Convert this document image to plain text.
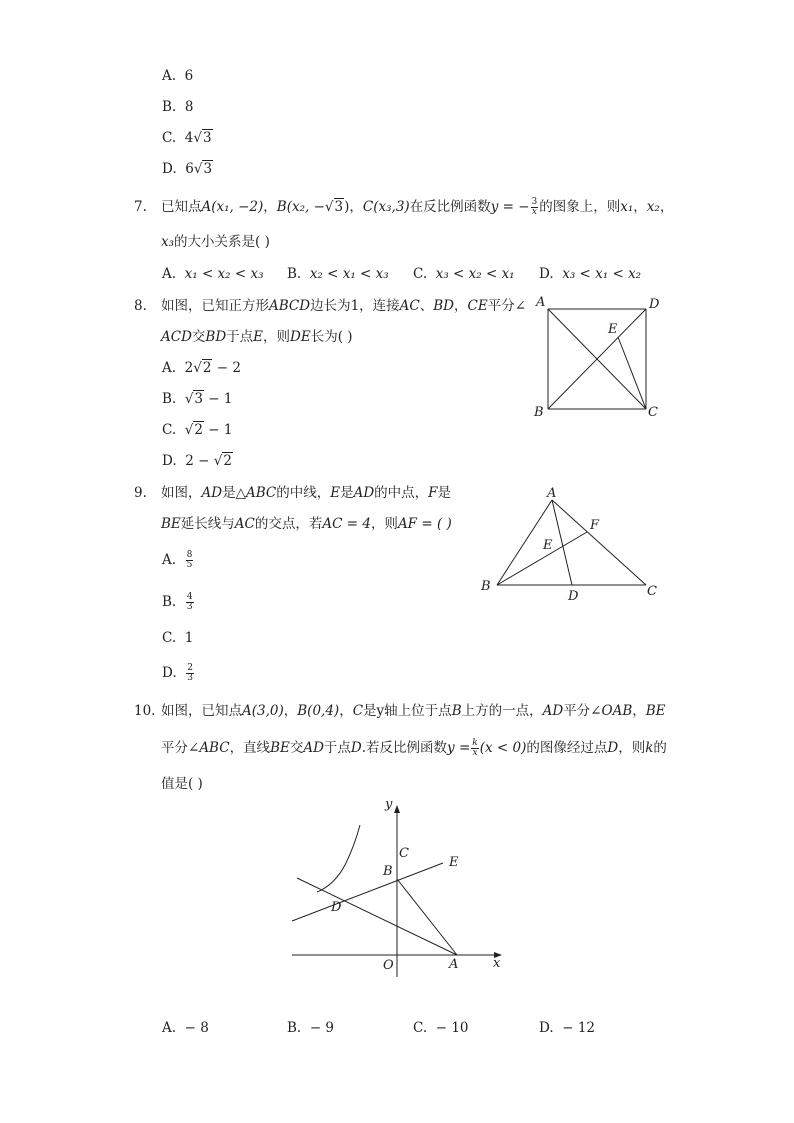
A. 6
B. 8
C. 4√3
D. 6√3
7. 已知点A(x₁, −2)，B(x₂, −√3)，C(x₃,3)在反比例函数y = − $\frac{3}{x}$ 的图象上，则x₁，x₂，
x₃的大小关系是( )
A. x₁ < x₂ < x₃ B. x₂ < x₁ < x₃ C. x₃ < x₂ < x₁ D. x₃ < x₁ < x₂
8. 如图，已知正方形ABCD边长为1，连接AC、BD，CE平分∠
ACD交BD于点E，则DE长为( )
A. 2√2 − 2
B. √3 − 1
C. √2 − 1
D. 2 − √2
A	D
E
B	C
9. 如图，AD是△ABC的中线，E是AD的中点，F是
BE延长线与AC的交点，若AC = 4，则AF = ( )
A. $\frac{8}{5}$
B. $\frac{4}{3}$
C. 1
D. $\frac{2}{3}$
A
F
E
B
D	C
10. 如图，已知点A(3,0)，B(0,4)，C是y轴上位于点B上方的一点，AD平分∠OAB，BE
平分∠ABC，直线BE交AD于点D.若反比例函数$y = \frac{k}{x} (x < 0)$的图像经过点D，则k的
值是( )
y
C
E
B
D
O	A	x
A. − 8	B. − 9	C. − 10	D. − 12
